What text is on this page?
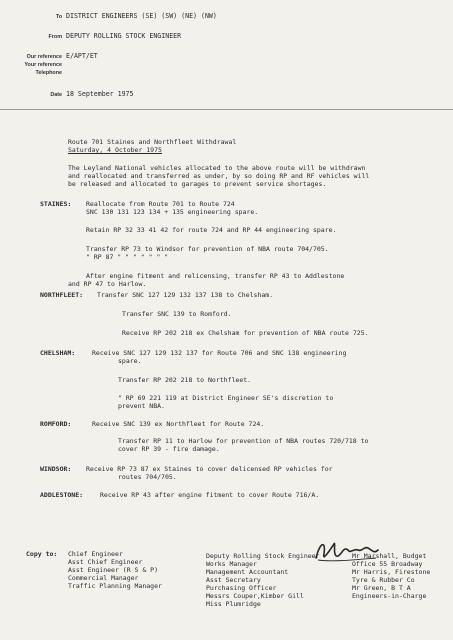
To DISTRICT ENGINEERS (SE) (SW) (NE) (NW)
From DEPUTY ROLLING STOCK ENGINEER
Our reference E/APT/ET
Your reference
Telephone
Date 18 September 1975
Route 701 Staines and Northfleet Withdrawal
Saturday, 4 October 1975
The Leyland National vehicles allocated to the above route will be withdrawn
and reallocated and transferred as under, by so doing RP and RF vehicles will
be released and allocated to garages to prevent service shortages.
STAINES: Reallocate from Route 701 to Route 724
SNC 130 131 123 134 + 135 engineering spare.
Retain RP 32 33 41 42 for route 724 and RP 44 engineering spare.
Transfer RP 73 to Windsor for prevention of NBA route 704/705.
" RP 87 " " " " " " "
After engine fitment and relicensing, transfer RP 43 to Addlestone
and RP 47 to Harlow.
NORTHFLEET: Transfer SNC 127 129 132 137 138 to Chelsham.
Transfer SNC 139 to Romford.
Receive RP 202 218 ex Chelsham for prevention of NBA route 725.
CHELSHAM:	Receive SNC 127 129 132 137 for Route 706 and SNC 138 engineering
spare.
Transfer RP 202 218 to Northfleet.
" RP 69 221 119 at District Engineer SE's discretion to
prevent NBA.
ROMFORD:	Receive SNC 139 ex Northfleet for Route 724.
Transfer RP 11 to Harlow for prevention of NBA routes 720/718 to
cover RP 39 - fire damage.
WINDSOR: Receive RP 73 87 ex Staines to cover delicensed RP vehicles for
routes 704/705.
ADDLESTONE:	Receive RP 43 after engine fitment to cover Route 716/A.
Copy to: Chief Engineer
Asst Chief Engineer
Asst Engineer (R S & P)
Commercial Manager
Traffic Planning Manager
Deputy Rolling Stock Engineer
Works Manager
Management Accountant
Asst Secretary
Purchasing Officer
Messrs Couper,Kimber Gill
Miss Plumridge
Mr Marshall, Budget
Office 55 Broadway
Mr Harris, Firestone
Tyre & Rubber Co
Mr Green, B T A
Engineers-in-Charge
